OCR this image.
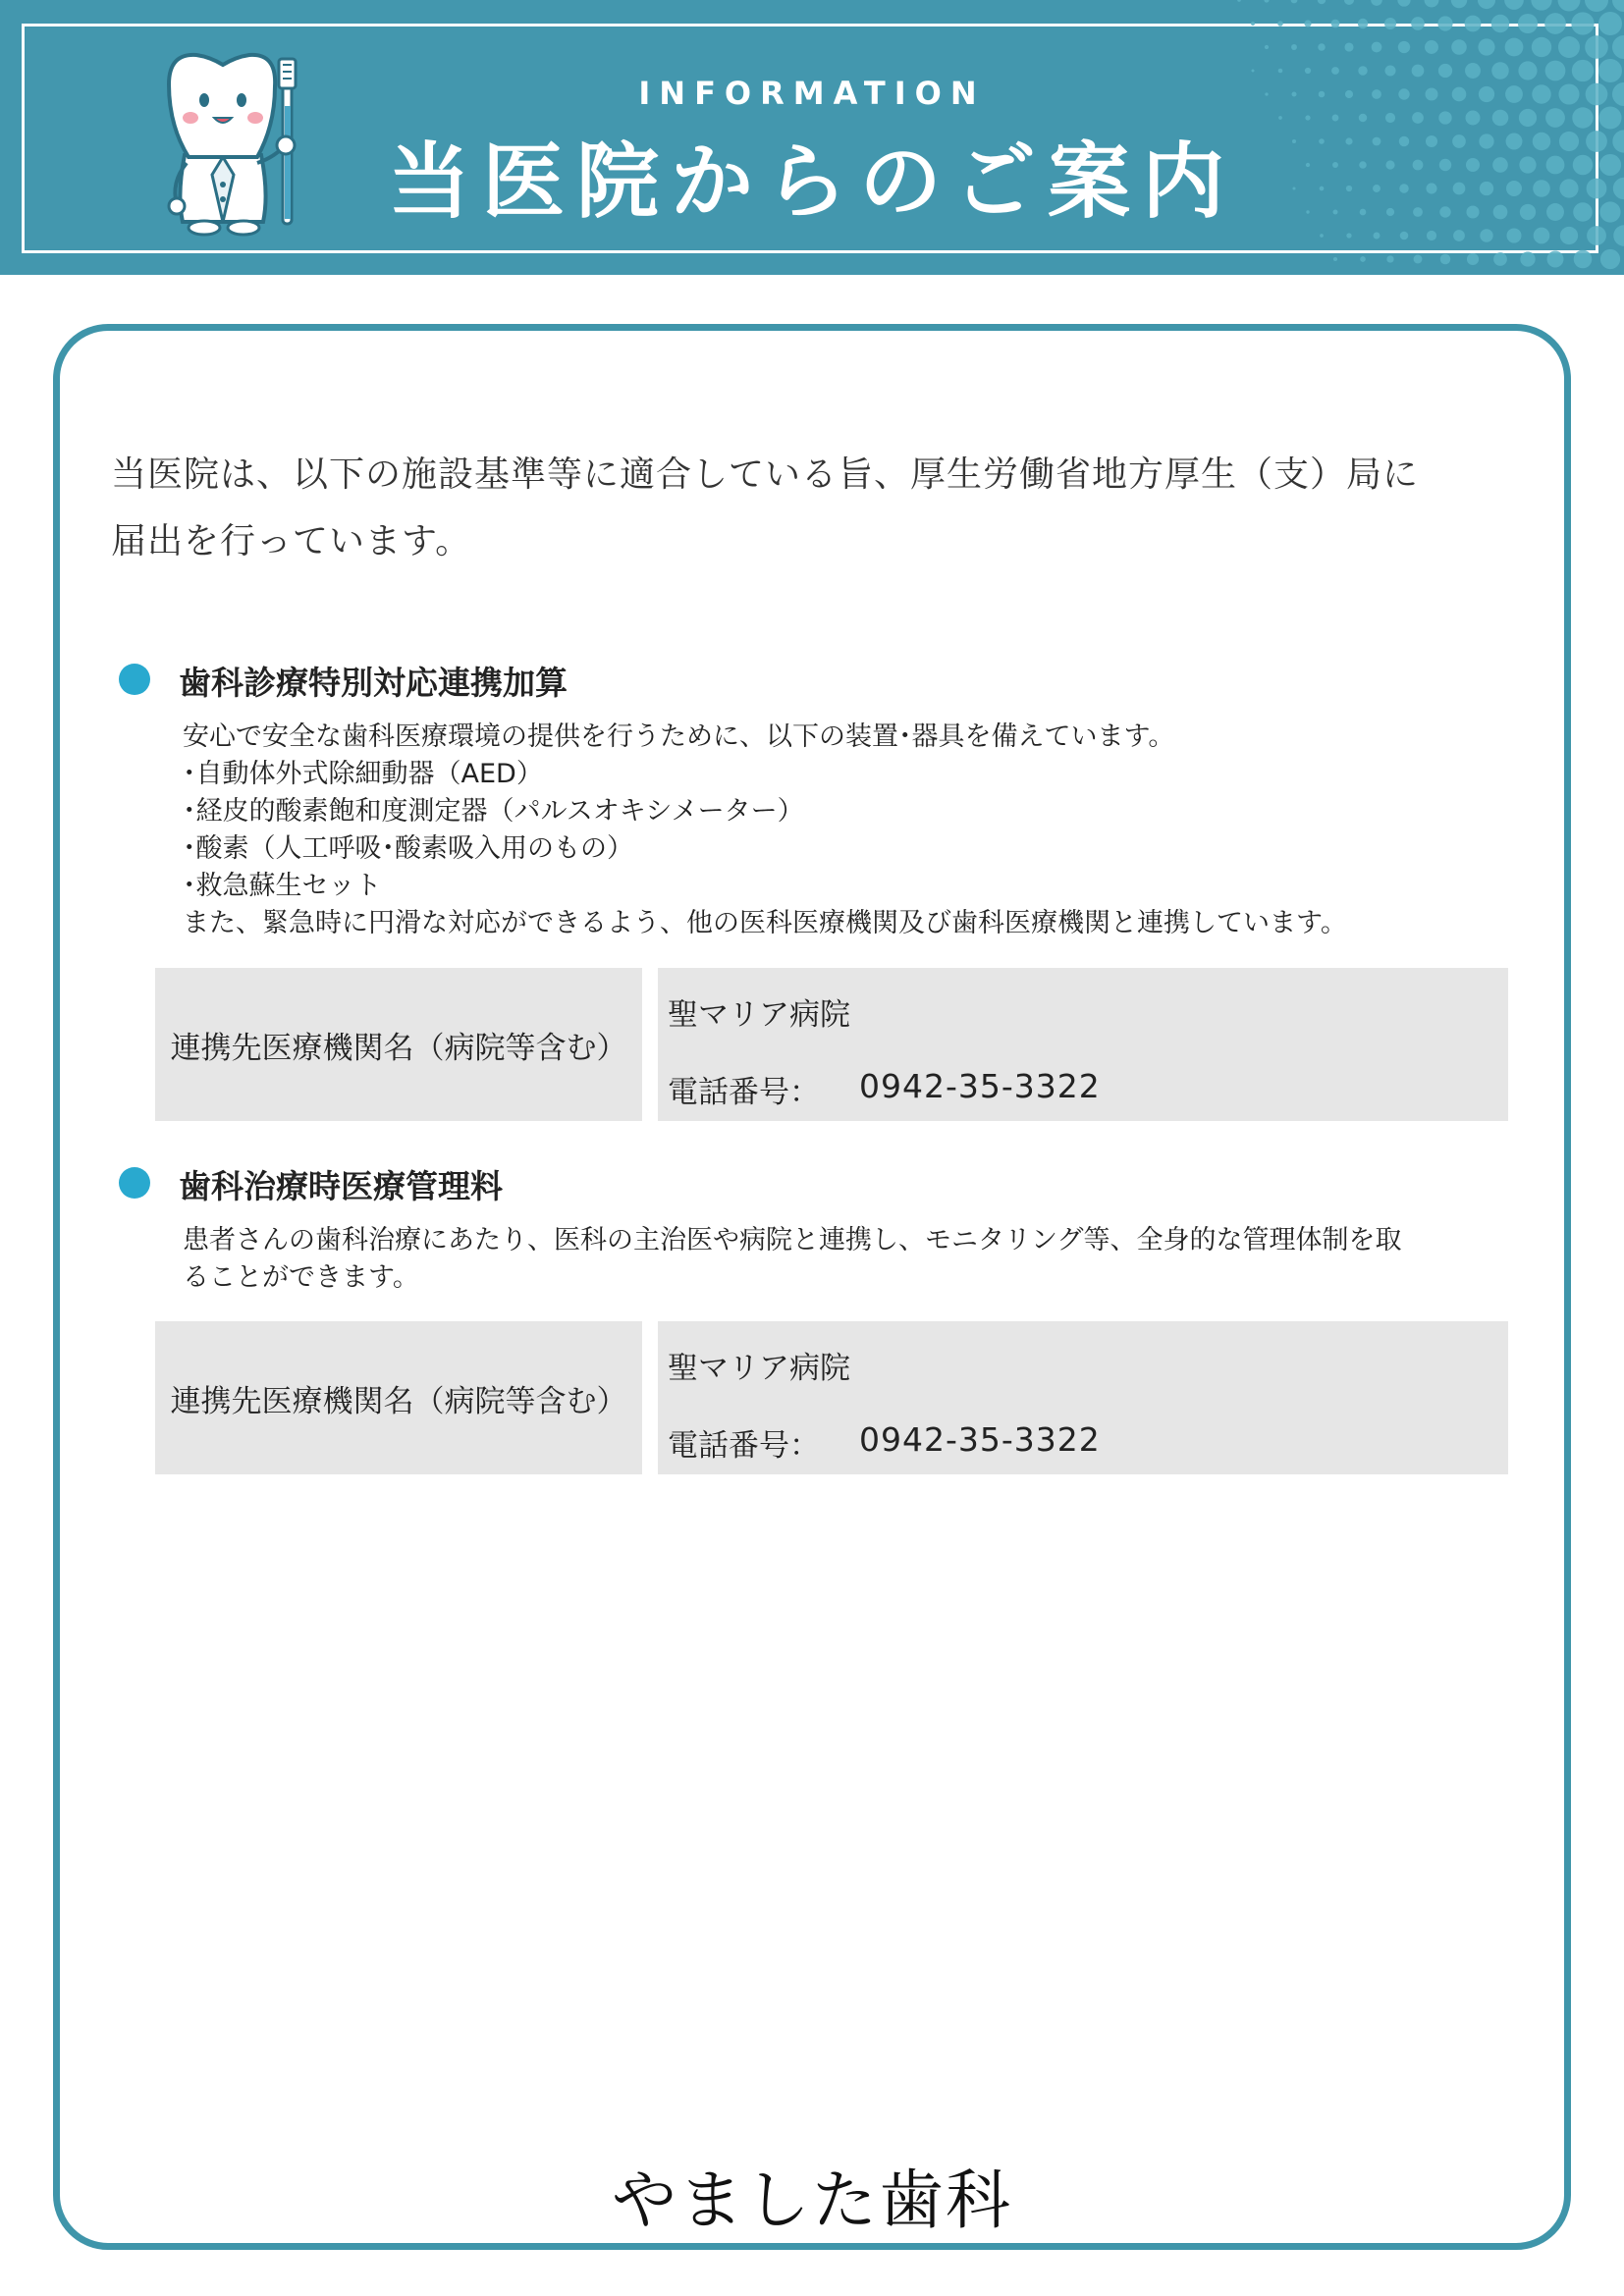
INFORMATION
当医院からのご案内
当医院は、以下の施設基準等に適合している旨、厚生労働省地方厚生（支）局に
届出を行っています。
歯科診療特別対応連携加算
安心で安全な歯科医療環境の提供を行うために、以下の装置･器具を備えています。
･自動体外式除細動器（AED）
･経皮的酸素飽和度測定器（パルスオキシメーター）
･酸素（人工呼吸･酸素吸入用のもの）
･救急蘇生セット
また、緊急時に円滑な対応ができるよう、他の医科医療機関及び歯科医療機関と連携しています。
連携先医療機関名（病院等含む）
聖マリア病院
電話番号： 0942-35-3322
歯科治療時医療管理料
患者さんの歯科治療にあたり、医科の主治医や病院と連携し、モニタリング等、全身的な管理体制を取
ることができます。
連携先医療機関名（病院等含む）
聖マリア病院
電話番号： 0942-35-3322
やました歯科
